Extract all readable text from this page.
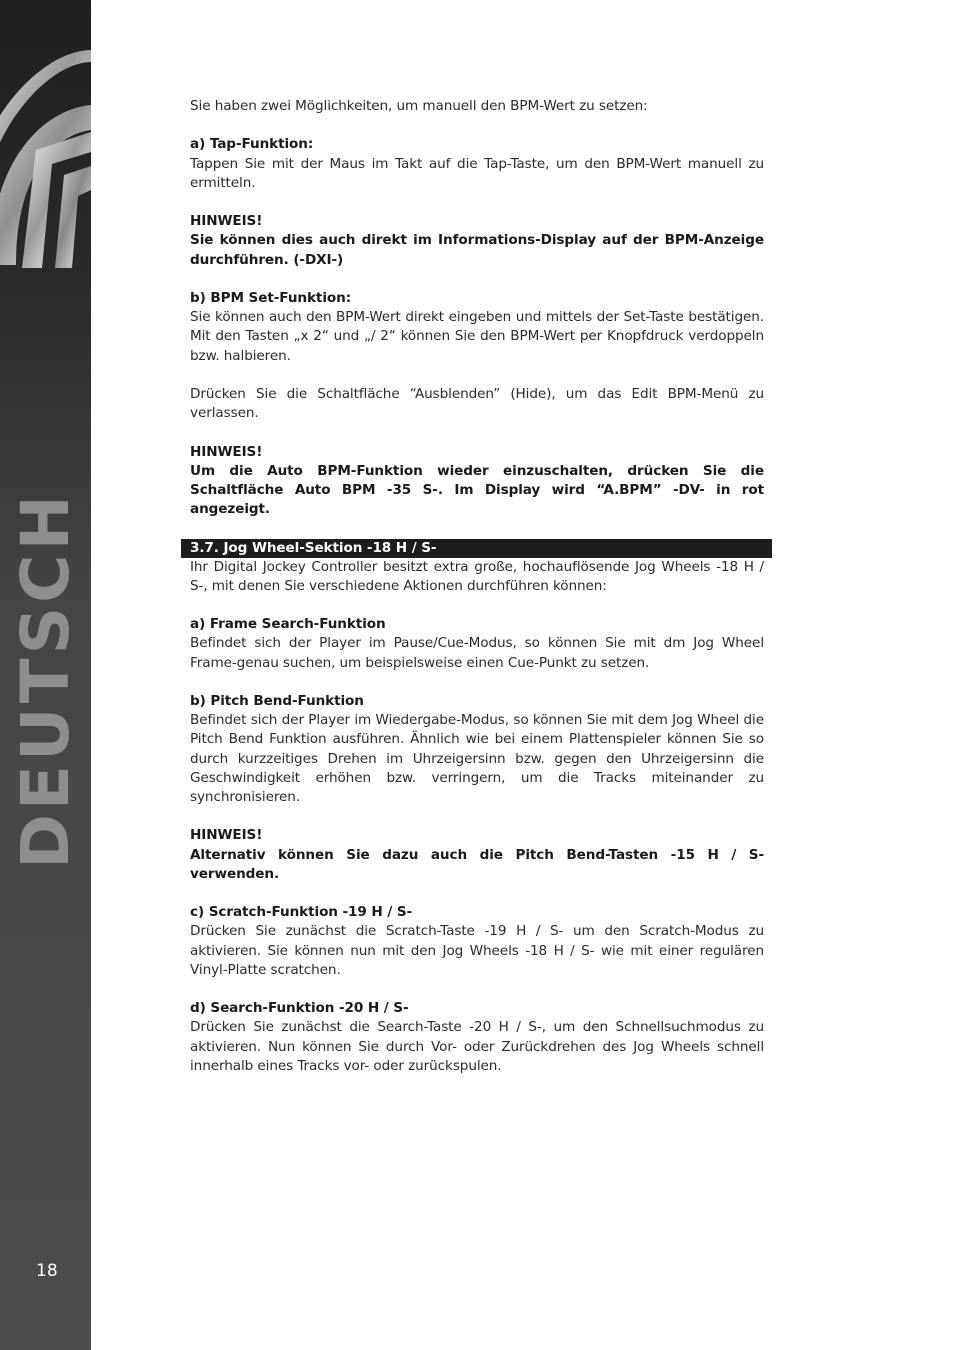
DEUTSCH
18

Sie haben zwei Möglichkeiten, um manuell den BPM-Wert zu setzen:

a) Tap-Funktion:

Tappen Sie mit der Maus im Takt auf die Tap-Taste, um den BPM-Wert manuell zu ermitteln.

HINWEIS!

Sie können dies auch direkt im Informations-Display auf der BPM-Anzeige durchführen. (-DXI-)

b) BPM Set-Funktion:

Sie können auch den BPM-Wert direkt eingeben und mittels der Set-Taste bestätigen. Mit den Tasten „x 2“ und „/ 2“ können Sie den BPM-Wert per Knopfdruck verdoppeln bzw. halbieren.

Drücken Sie die Schaltfläche “Ausblenden” (Hide), um das Edit BPM-Menü zu verlassen.

HINWEIS!

Um die Auto BPM-Funktion wieder einzuschalten, drücken Sie die Schaltfläche Auto BPM -35 S-. Im Display wird “A.BPM” -DV- in rot angezeigt.

3.7. Jog Wheel-Sektion -18 H / S-

Ihr Digital Jockey Controller besitzt extra große, hochauflösende Jog Wheels -18 H / S-, mit denen Sie verschiedene Aktionen durchführen können:

a) Frame Search-Funktion

Befindet sich der Player im Pause/Cue-Modus, so können Sie mit dm Jog Wheel Frame-genau suchen, um beispielsweise einen Cue-Punkt zu setzen.

b) Pitch Bend-Funktion

Befindet sich der Player im Wiedergabe-Modus, so können Sie mit dem Jog Wheel die Pitch Bend Funktion ausführen. Ähnlich wie bei einem Plattenspieler können Sie so durch kurzzeitiges Drehen im Uhrzeigersinn bzw. gegen den Uhrzeigersinn die Geschwindigkeit erhöhen bzw. verringern, um die Tracks miteinander zu synchronisieren.

HINWEIS!

Alternativ können Sie dazu auch die Pitch Bend-Tasten -15 H / S- verwenden.

c) Scratch-Funktion -19 H / S-

Drücken Sie zunächst die Scratch-Taste -19 H / S- um den Scratch-Modus zu aktivieren. Sie können nun mit den Jog Wheels -18 H / S- wie mit einer regulären Vinyl-Platte scratchen.

d) Search-Funktion -20 H / S-

Drücken Sie zunächst die Search-Taste -20 H / S-, um den Schnellsuchmodus zu aktivieren. Nun können Sie durch Vor- oder Zurückdrehen des Jog Wheels schnell innerhalb eines Tracks vor- oder zurückspulen.
